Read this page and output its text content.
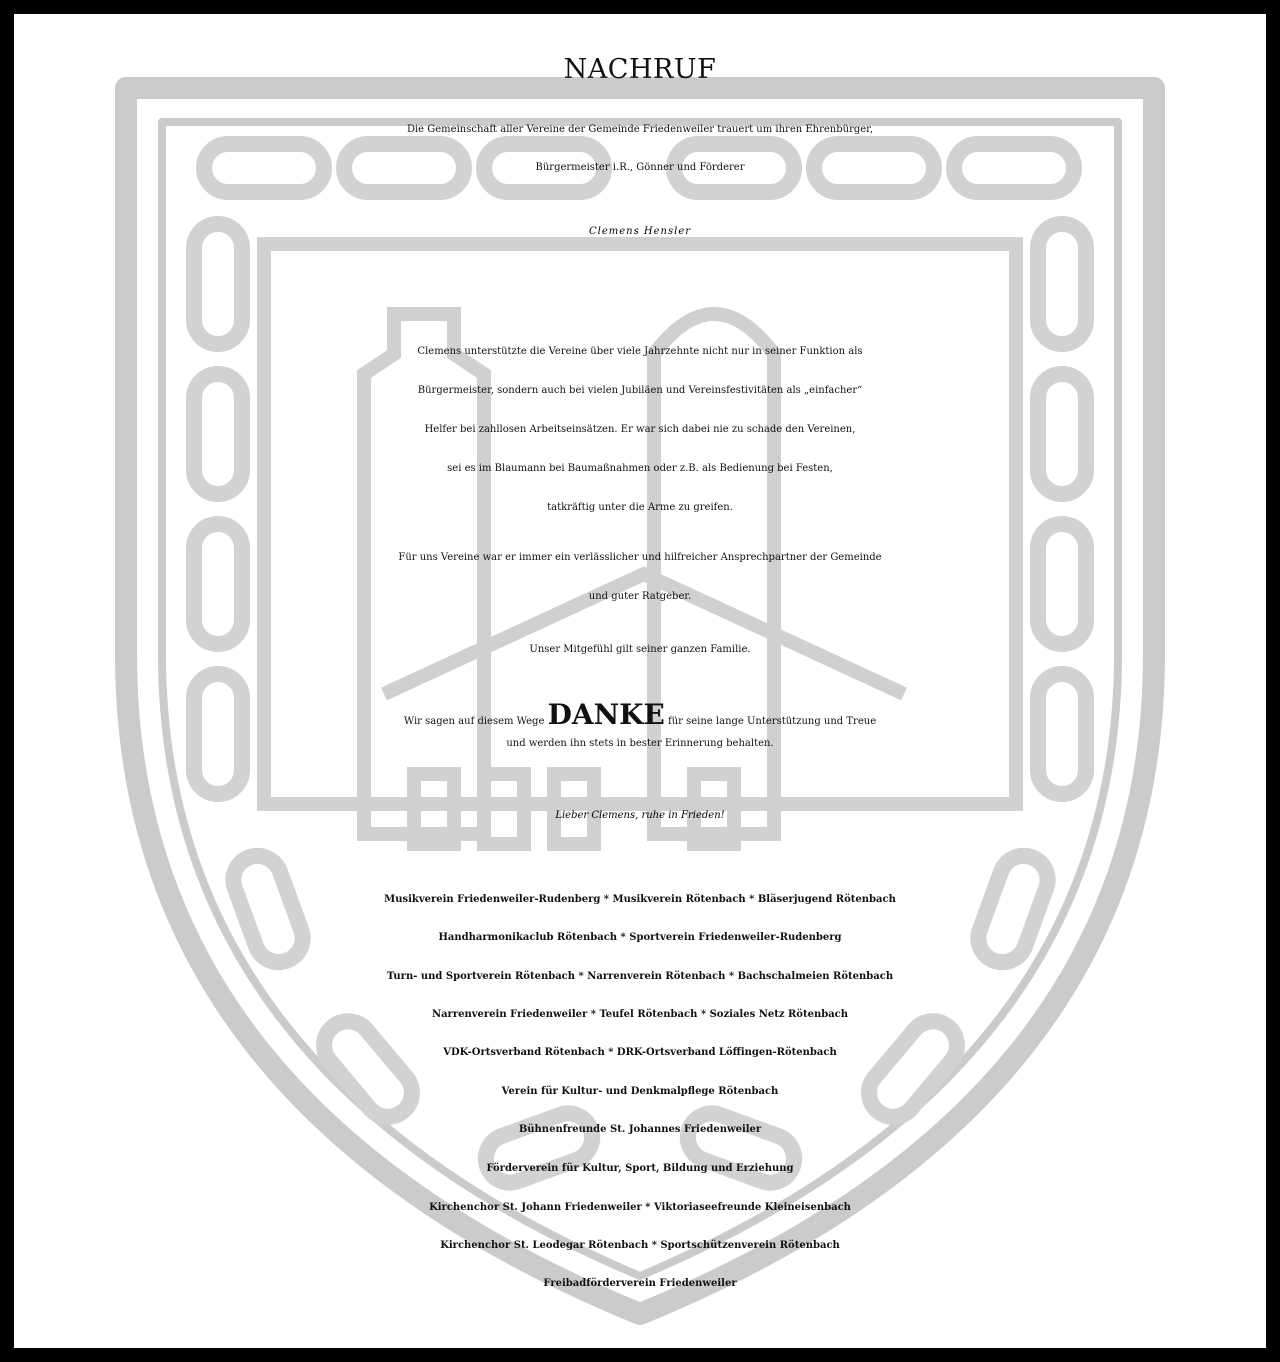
NACHRUF
Die Gemeinschaft aller Vereine der Gemeinde Friedenweiler trauert um ihren Ehrenbürger,
Bürgermeister i.R., Gönner und Förderer
Clemens Hensler
Clemens unterstützte die Vereine über viele Jahrzehnte nicht nur in seiner Funktion als
Bürgermeister, sondern auch bei vielen Jubiläen und Vereinsfestivitäten als „einfacher“
Helfer bei zahllosen Arbeitseinsätzen. Er war sich dabei nie zu schade den Vereinen,
sei es im Blaumann bei Baumaßnahmen oder z.B. als Bedienung bei Festen,
tatkräftig unter die Arme zu greifen.
Für uns Vereine war er immer ein verlässlicher und hilfreicher Ansprechpartner der Gemeinde
und guter Ratgeber.
Unser Mitgefühl gilt seiner ganzen Familie.
Wir sagen auf diesem Wege DANKE für seine lange Unterstützung und Treue
und werden ihn stets in bester Erinnerung behalten.
Lieber Clemens, ruhe in Frieden!
Musikverein Friedenweiler-Rudenberg * Musikverein Rötenbach * Bläserjugend Rötenbach
Handharmonikaclub Rötenbach * Sportverein Friedenweiler-Rudenberg
Turn- und Sportverein Rötenbach * Narrenverein Rötenbach * Bachschalmeien Rötenbach
Narrenverein Friedenweiler * Teufel Rötenbach * Soziales Netz Rötenbach
VDK-Ortsverband Rötenbach * DRK-Ortsverband Löffingen-Rötenbach
Verein für Kultur- und Denkmalpflege Rötenbach
Bühnenfreunde St. Johannes Friedenweiler
Förderverein für Kultur, Sport, Bildung und Erziehung
Kirchenchor St. Johann Friedenweiler * Viktoriaseefreunde Kleineisenbach
Kirchenchor St. Leodegar Rötenbach * Sportschützenverein Rötenbach
Freibadförderverein Friedenweiler
